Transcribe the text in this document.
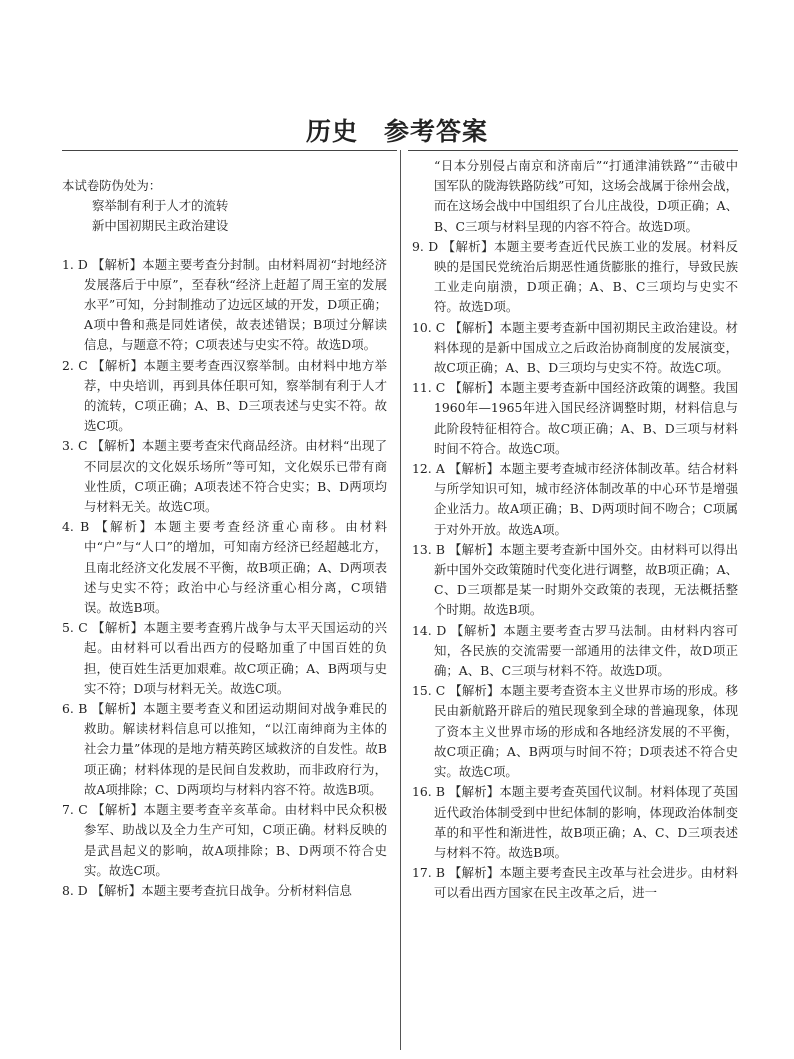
历史 参考答案
本试卷防伪处为：
察举制有利于人才的流转
新中国初期民主政治建设

1. D 【解析】本题主要考查分封制。由材料周初“封地经济发展落后于中原”，至春秋“经济上赶超了周王室的发展水平”可知，分封制推动了边远区域的开发，D项正确；A项中鲁和燕是同姓诸侯，故表述错误；B项过分解读信息，与题意不符；C项表述与史实不符。故选D项。

2. C 【解析】本题主要考查西汉察举制。由材料中地方举荐，中央培训，再到具体任职可知，察举制有利于人才的流转，C项正确；A、B、D三项表述与史实不符。故选C项。

3. C 【解析】本题主要考查宋代商品经济。由材料“出现了不同层次的文化娱乐场所”等可知，文化娱乐已带有商业性质，C项正确；A项表述不符合史实；B、D两项均与材料无关。故选C项。

4. B 【解析】本题主要考查经济重心南移。由材料中“户”与“人口”的增加，可知南方经济已经超越北方，且南北经济文化发展不平衡，故B项正确；A、D两项表述与史实不符；政治中心与经济重心相分离，C项错误。故选B项。

5. C 【解析】本题主要考查鸦片战争与太平天国运动的兴起。由材料可以看出西方的侵略加重了中国百姓的负担，使百姓生活更加艰难。故C项正确；A、B两项与史实不符；D项与材料无关。故选C项。

6. B 【解析】本题主要考查义和团运动期间对战争难民的救助。解读材料信息可以推知，“以江南绅商为主体的社会力量”体现的是地方精英跨区域救济的自发性。故B项正确；材料体现的是民间自发救助，而非政府行为，故A项排除；C、D两项均与材料内容不符。故选B项。

7. C 【解析】本题主要考查辛亥革命。由材料中民众积极参军、助战以及全力生产可知，C项正确。材料反映的是武昌起义的影响，故A项排除；B、D两项不符合史实。故选C项。

8. D 【解析】本题主要考查抗日战争。分析材料信息

“日本分别侵占南京和济南后”“打通津浦铁路”“击破中国军队的陇海铁路防线”可知，这场会战属于徐州会战，而在这场会战中中国组织了台儿庄战役，D项正确；A、B、C三项与材料呈现的内容不符合。故选D项。

9. D 【解析】本题主要考查近代民族工业的发展。材料反映的是国民党统治后期恶性通货膨胀的推行，导致民族工业走向崩溃，D项正确；A、B、C三项均与史实不符。故选D项。

10. C 【解析】本题主要考查新中国初期民主政治建设。材料体现的是新中国成立之后政治协商制度的发展演变，故C项正确；A、B、D三项均与史实不符。故选C项。

11. C 【解析】本题主要考查新中国经济政策的调整。我国1960年—1965年进入国民经济调整时期，材料信息与此阶段特征相符合。故C项正确；A、B、D三项与材料时间不符合。故选C项。

12. A 【解析】本题主要考查城市经济体制改革。结合材料与所学知识可知，城市经济体制改革的中心环节是增强企业活力。故A项正确；B、D两项时间不吻合；C项属于对外开放。故选A项。

13. B 【解析】本题主要考查新中国外交。由材料可以得出新中国外交政策随时代变化进行调整，故B项正确；A、C、D三项都是某一时期外交政策的表现，无法概括整个时期。故选B项。

14. D 【解析】本题主要考查古罗马法制。由材料内容可知，各民族的交流需要一部通用的法律文件，故D项正确；A、B、C三项与材料不符。故选D项。

15. C 【解析】本题主要考查资本主义世界市场的形成。移民由新航路开辟后的殖民现象到全球的普遍现象，体现了资本主义世界市场的形成和各地经济发展的不平衡，故C项正确；A、B两项与时间不符；D项表述不符合史实。故选C项。

16. B 【解析】本题主要考查英国代议制。材料体现了英国近代政治体制受到中世纪体制的影响，体现政治体制变革的和平性和渐进性，故B项正确；A、C、D三项表述与材料不符。故选B项。

17. B 【解析】本题主要考查民主改革与社会进步。由材料可以看出西方国家在民主改革之后，进一
